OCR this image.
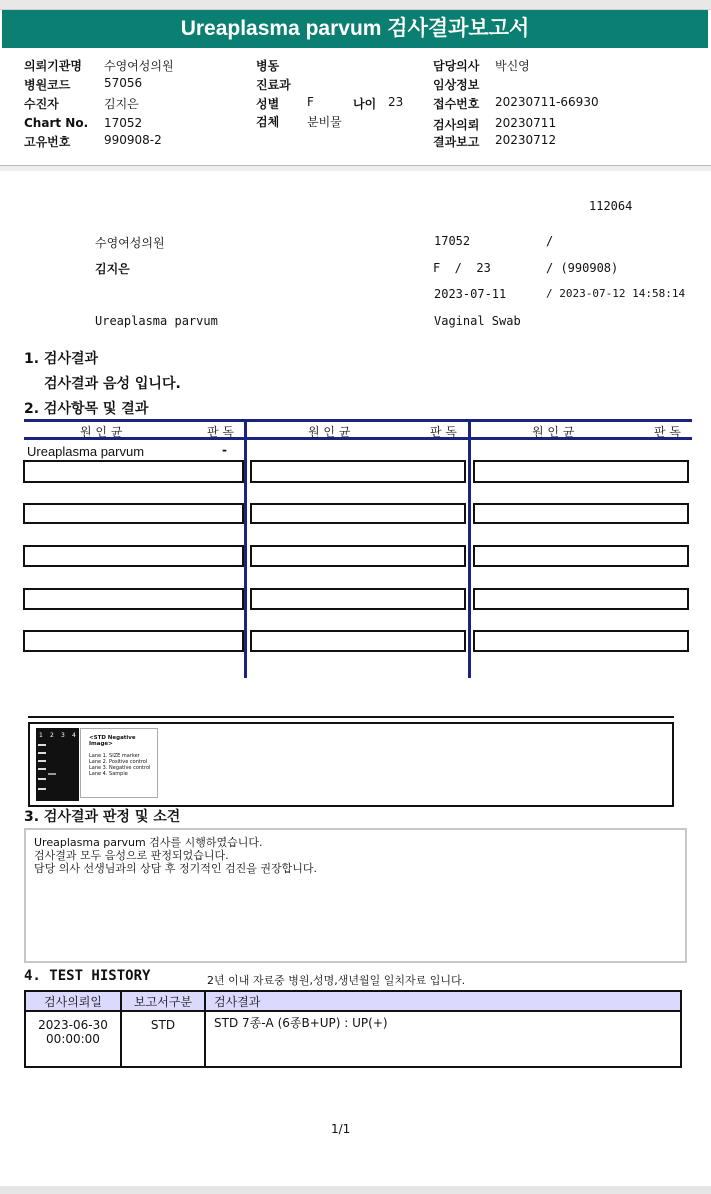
Ureaplasma parvum 검사결과보고서
의뢰기관명 수영여성의원
병원코드	57056
수진자	김지은
Chart No. 17052
고유번호	990908-2
병동
진료과
성별 F	나이 23
검체 분비물
담당의사 박신영
임상정보
접수번호 20230711-66930
검사의뢰 20230711
결과보고 20230712
112064
수영여성의원	17052	/
김지은	F  /  23	/ (990908)
2023-07-11	/ 2023-07-12 14:58:14
Ureaplasma parvum	Vaginal Swab
1. 검사결과
검사결과 음성 입니다.
2. 검사항목 및 결과
원 인 균	판 독	원 인 균	판 독	원 인 균	판 독
Ureaplasma parvum	-
1 2 3 4 <STD Negative Image>
Lane 1. SIZE marker
Lane 2. Positive control
Lane 3. Negative control
Lane 4. Sample
3. 검사결과 판정 및 소견
Ureaplasma parvum 검사를 시행하였습니다.
검사결과 모두 음성으로 판정되었습니다.
담당 의사 선생님과의 상담 후 정기적인 검진을 권장합니다.
4. TEST HISTORY	2년 이내 자료중 병원,성명,생년월일 일치자료 입니다.
검사의뢰일	보고서구분	검사결과

2023-06-30
00:00:00	STD	STD 7종-A (6종B+UP) : UP(+)
1/1
